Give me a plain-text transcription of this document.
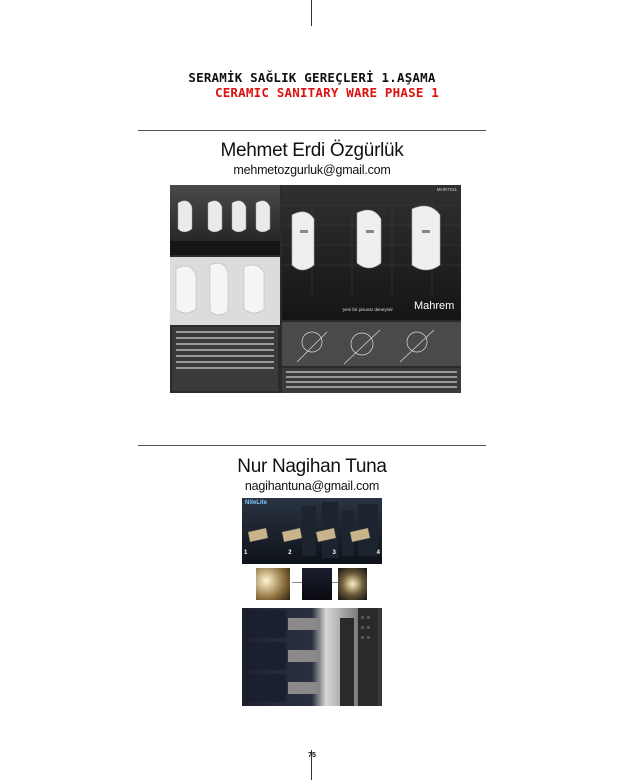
SERAMİK SAĞLIK GEREÇLERİ 1.AŞAMA
CERAMIC SANITARY WARE PHASE 1
Mehmet Erdi Özgürlük
mehmetozgurluk@gmail.com
MHR7531
'yeni bir pisuvar deneyimi' Mahrem
Nur Nagihan Tuna
nagihantuna@gmail.com
NiteLite
1	2	3	4
75
